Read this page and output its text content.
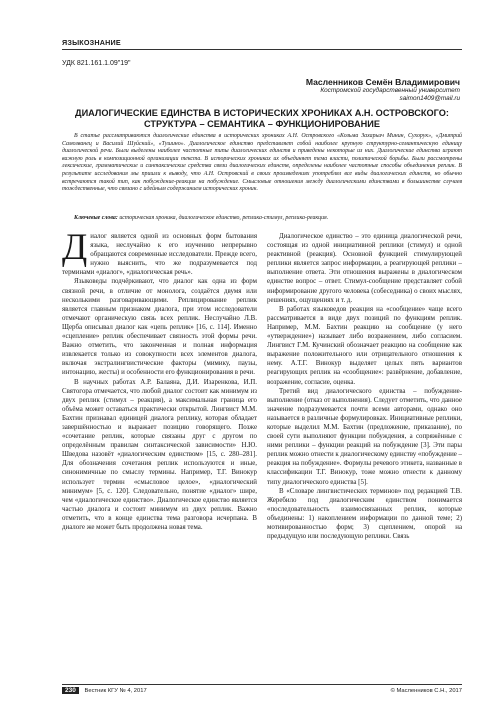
ЯЗЫКОЗНАНИЕ
УДК 821.161.1.09"19"
Масленников Семён Владимирович
Костромской государственный университет
saimon1409@mail.ru
ДИАЛОГИЧЕСКИЕ ЕДИНСТВА В ИСТОРИЧЕСКИХ ХРОНИКАХ А.Н. ОСТРОВСКОГО: СТРУКТУРА – СЕМАНТИКА – ФУНКЦИОНИРОВАНИЕ
В статье рассматриваются диалогические единства в исторических хрониках А.Н. Островского «Козьма Захарьич Минин, Сухорук», «Дмитрий Самозванец и Василий Шуйский», «Тушино». Диалогическое единство представляет собой наиболее крупную структурно-семантическую единицу диалогической речи. Были выделены наиболее частотные типы диалогических единств и приведены некоторые из них. Диалогические единства играют важную роль в композиционной организации текста. В исторических хрониках их объединяет тема власти, политической борьбы. Были рассмотрены лексические, грамматические и синтаксические средства связи диалогических единств, определены наиболее частотные способы объединения реплик. В результате исследования мы пришли к выводу, что А.Н. Островский в своих произведениях употреблял все виды диалогических единств, но обычно встречаются такой тип, как побуждение-реакция на побуждение. Смысловые отношения между диалогическими единствами в большинстве случаев тождественные, что связано с идейным содержанием исторических хроник.
Ключевые слова: историческая хроника, диалогическое единство, реплика-стимул, реплика-реакция.

Диалог является одной из основных форм бытования языка, неслучайно к его изучению непрерывно обращаются современные исследователи. Прежде всего, нужно выяснить, что же подразумевается под терминами «диалог», «диалогическая речь».

Языковеды подчёркивают, что диалог как одна из форм связной речи, в отличие от монолога, создаётся двумя или несколькими разговаривающими. Реплицирование реплик является главным признаком диалога, при этом исследователи отмечают органическую связь всех реплик. Неслучайно Л.В. Щерба описывал диалог как «цепь реплик» [16, с. 114]. Именно «сцепление» реплик обеспечивает связность этой формы речи. Важно отметить, что законченная и полная информация извлекается только из совокупности всех элементов диалога, включая экстралингвистические факторы (мимику, паузы, интонацию, жесты) и особенности его функционирования в речи.

В научных работах А.Р. Балаяна, Д.И. Изаренкова, И.П. Святогора отмечается, что любой диалог состоит как минимум из двух реплик (стимул – реакция), а максимальная граница его объёма может оставаться практически открытой. Лингвист М.М. Бахтин признавал единицей диалога реплику, которая обладает завершённостью и выражает позицию говорящего. Позже «сочетание реплик, которые связаны друг с другом по определённым правилам синтаксической зависимости» Н.Ю. Шведова назовёт «диалогическим единством» [15, с. 280–281]. Для обозначения сочетания реплик используются и иные, синонимичные по смыслу термины. Например, Т.Г. Винокур использует термин «смысловое целое», «диалогический минимум» [5, с. 120]. Следовательно, понятие «диалог» шире, чем «диалогическое единство». Диалогическое единство является частью диалога и состоит минимум из двух реплик. Важно отметить, что в конце единства тема разговора исчерпана. В диалоге же может быть продолжена новая тема.

Диалогическое единство – это единица диалогической речи, состоящая из одной инициативной реплики (стимул) и одной реактивной (реакция). Основной функцией стимулирующей реплики является запрос информации, а реагирующей реплики – выполнение ответа. Эти отношения выражены в диалогическом единстве вопрос – ответ. Стимул-сообщение представляет собой информирование другого человека (собеседника) о своих мыслях, решениях, ощущениях и т. д.

В работах языковедов реакция на «сообщение» чаще всего рассматривается в виде двух позиций по функциям реплик. Например, М.М. Бахтин реакцию на сообщение (у него «утверждение») называет либо возражением, либо согласием. Лингвист Г.М. Кучинский обозначает реакцию на сообщение как выражение положительного или отрицательного отношения к нему. А.Т.Г. Винокур выделяет целых пять вариантов реагирующих реплик на «сообщение»: развёрнение, добавление, возражение, согласие, оценка.

Третий вид диалогического единства – побуждение-выполнение (отказ от выполнения). Следует отметить, что данное значение подразумевается почти всеми авторами, однако оно называется в различные формулировках. Инициативные реплики, которые выделил М.М. Бахтин (предложение, приказание), по своей сути выполняют функции побуждения, а сопряжённые с ними реплики – функции реакций на побуждение [3]. Эти пары реплик можно отнести к диалогическому единству «побуждение – реакция на побуждение». Формулы речевого этикета, названные в классификации Т.Г. Винокур, тоже можно отнести к данному типу диалогического единства [5].

В «Словаре лингвистических терминов» под редакцией Т.В. Жеребило под диалогическим единством понимается «последовательность взаимосвязанных реплик, которые объединены: 1) накоплением информации по данной теме; 2) мотивированностью форм; 3) сцеплением, опорой на предыдущую или последующую реплики. Связь

230 Вестник КГУ № 4, 2017	© Масленников С.Н., 2017
